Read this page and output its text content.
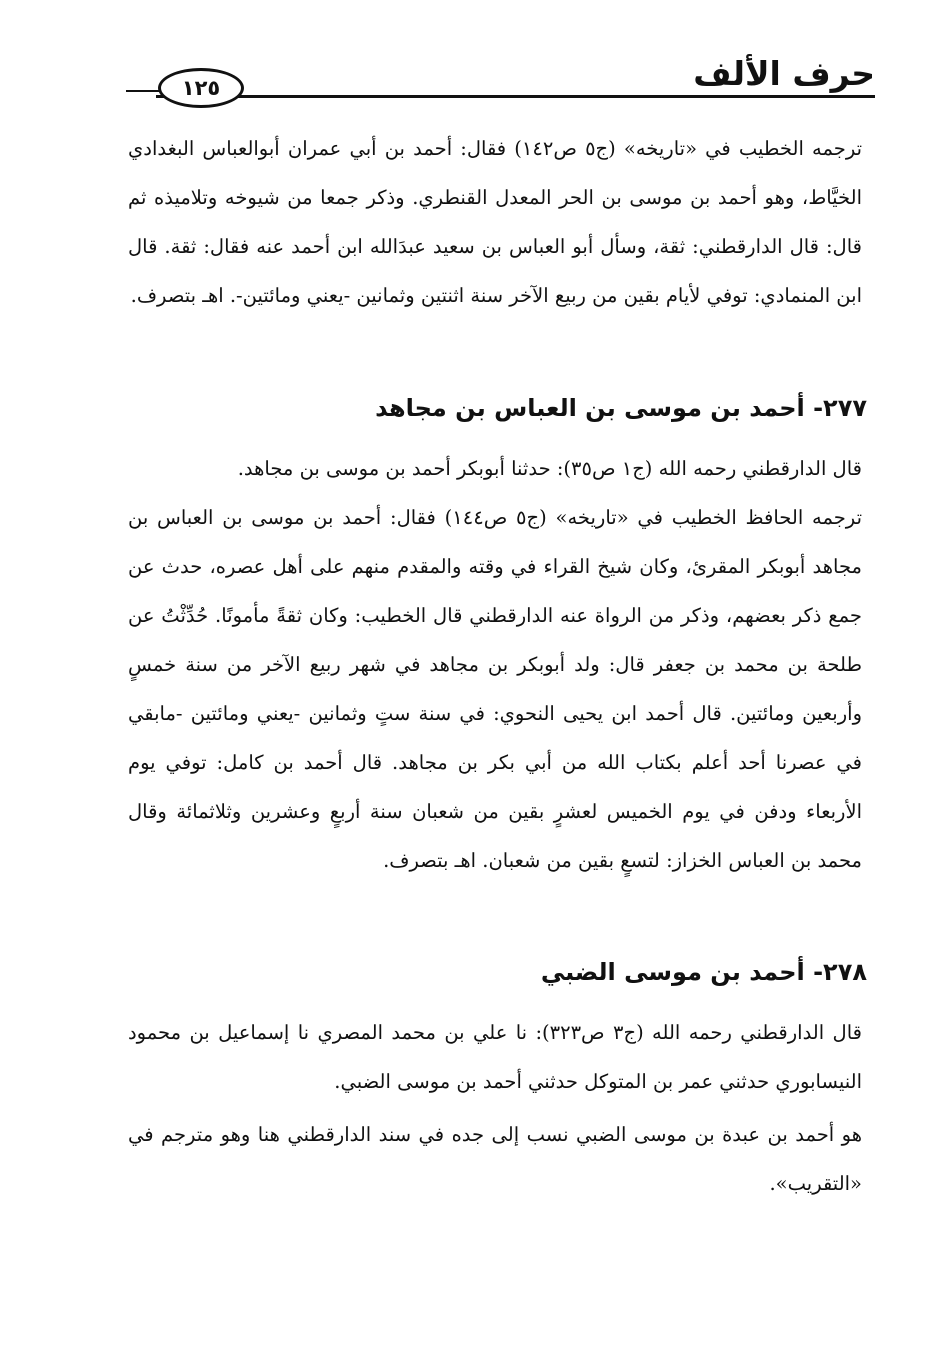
١٢٥	حرف الألف
ترجمه الخطيب في «تاريخه» (ج٥ ص١٤٢) فقال: أحمد بن أبي عمران أبوالعباس البغدادي الخيَّاط، وهو أحمد بن موسى بن الحر المعدل القنطري. وذكر جمعا من شيوخه وتلاميذه ثم قال: قال الدارقطني: ثقة، وسأل أبو العباس بن سعيد عبدَالله ابن أحمد عنه فقال: ثقة. قال ابن المنمادي: توفي لأيام بقين من ربيع الآخر سنة اثنتين وثمانين -يعني ومائتين-. اهـ بتصرف.
٢٧٧- أحمد بن موسى بن العباس بن مجاهد
قال الدارقطني رحمه الله (ج١ ص٣٥): حدثنا أبوبكر أحمد بن موسى بن مجاهد.
ترجمه الحافظ الخطيب في «تاريخه» (ج٥ ص١٤٤) فقال: أحمد بن موسى بن العباس بن مجاهد أبوبكر المقرئ، وكان شيخ القراء في وقته والمقدم منهم على أهل عصره، حدث عن جمع ذكر بعضهم، وذكر من الرواة عنه الدارقطني قال الخطيب: وكان ثقةً مأمونًا. حُدِّثْتُ عن طلحة بن محمد بن جعفر قال: ولد أبوبكر بن مجاهد في شهر ربيع الآخر من سنة خمسٍ وأربعين ومائتين. قال أحمد ابن يحيى النحوي: في سنة ستٍ وثمانين -يعني ومائتين -مابقي في عصرنا أحد أعلم بكتاب الله من أبي بكر بن مجاهد. قال أحمد بن كامل: توفي يوم الأربعاء ودفن في يوم الخميس لعشرٍ بقين من شعبان سنة أربعٍ وعشرين وثلاثمائة وقال محمد بن العباس الخزاز: لتسعٍ بقين من شعبان. اهـ بتصرف.
٢٧٨- أحمد بن موسى الضبي
قال الدارقطني رحمه الله (ج٣ ص٣٢٣): نا علي بن محمد المصري نا إسماعيل بن محمود النيسابوري حدثني عمر بن المتوكل حدثني أحمد بن موسى الضبي.
هو أحمد بن عبدة بن موسى الضبي نسب إلى جده في سند الدارقطني هنا وهو مترجم في «التقريب».
